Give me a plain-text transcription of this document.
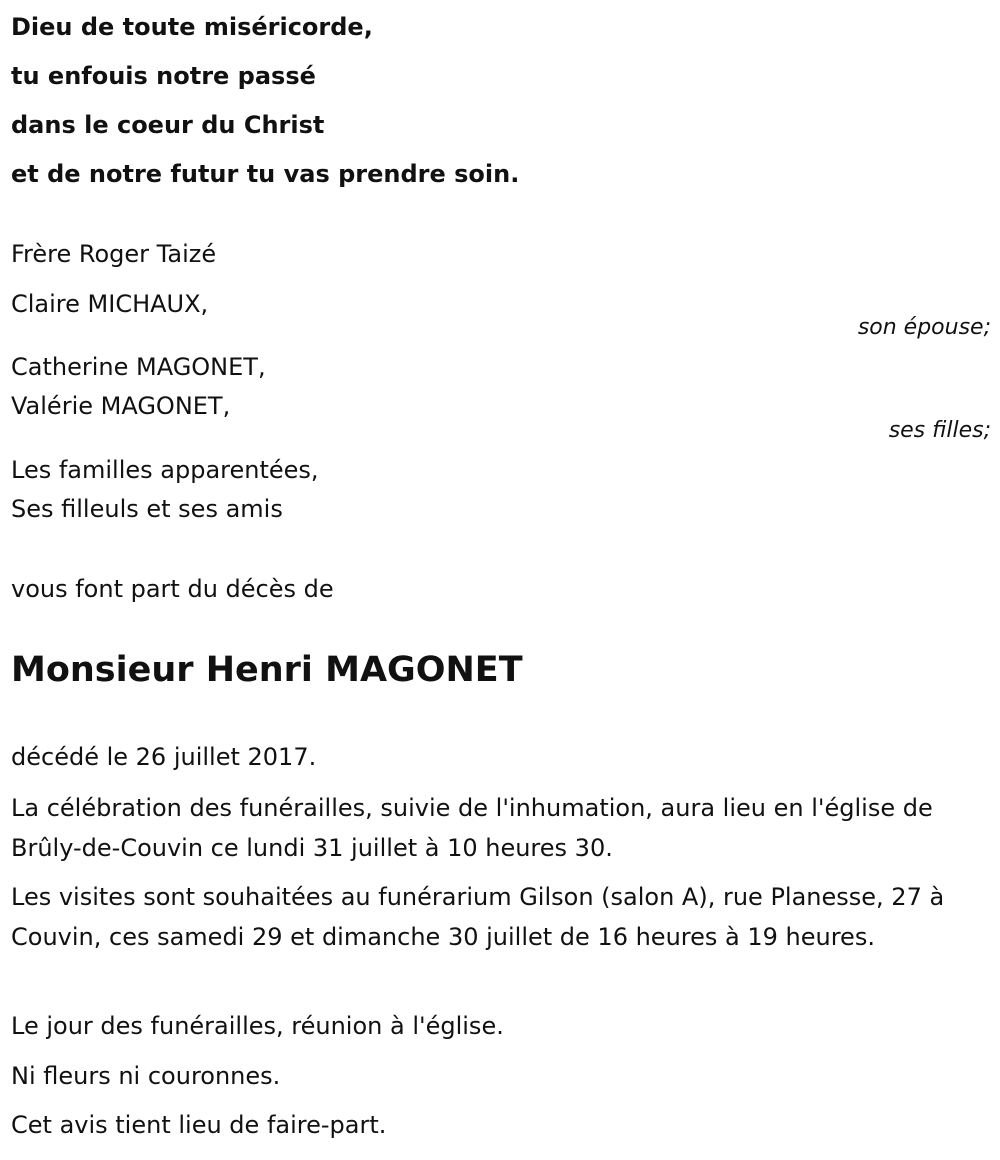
Dieu de toute miséricorde,
tu enfouis notre passé
dans le coeur du Christ
et de notre futur tu vas prendre soin.
Frère Roger Taizé
Claire MICHAUX,
son épouse;
Catherine MAGONET,
Valérie MAGONET,
ses filles;
Les familles apparentées,
Ses filleuls et ses amis
vous font part du décès de
Monsieur Henri MAGONET
décédé le 26 juillet 2017.
La célébration des funérailles, suivie de l'inhumation, aura lieu en l'église de Brûly-de-Couvin ce lundi 31 juillet à 10 heures 30.
Les visites sont souhaitées au funérarium Gilson (salon A), rue Planesse, 27 à Couvin, ces samedi 29 et dimanche 30 juillet de 16 heures à 19 heures.
Le jour des funérailles, réunion à l'église.
Ni fleurs ni couronnes.
Cet avis tient lieu de faire-part.
